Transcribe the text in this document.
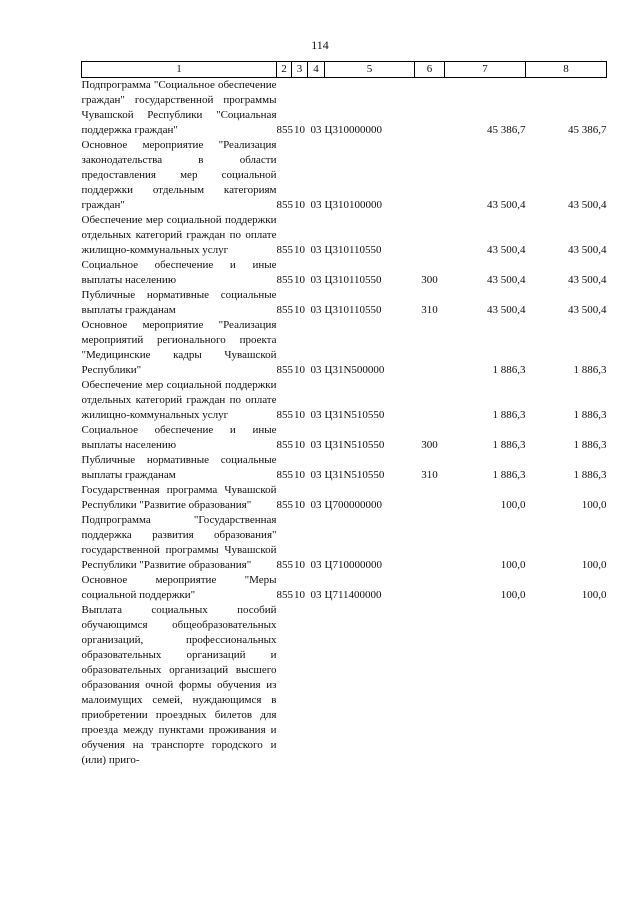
114
1	2	3	4	5	6	7	8
Подпрограмма "Социальное обеспечение граждан" государственной программы Чувашской Республики "Социальная поддержка граждан"	855	10	03	Ц310000000		45 386,7	45 386,7
Основное мероприятие "Реализация законодательства в области предоставления мер социальной поддержки отдельным категориям граждан"	855	10	03	Ц310100000		43 500,4	43 500,4
Обеспечение мер социальной поддержки отдельных категорий граждан по оплате жилищно-коммунальных услуг	855	10	03	Ц310110550		43 500,4	43 500,4
Социальное обеспечение и иные выплаты населению	855	10	03	Ц310110550	300	43 500,4	43 500,4
Публичные нормативные социальные выплаты гражданам	855	10	03	Ц310110550	310	43 500,4	43 500,4
Основное мероприятие "Реализация мероприятий регионального проекта "Медицинские кадры Чувашской Республики"	855	10	03	Ц31N500000		1 886,3	1 886,3
Обеспечение мер социальной поддержки отдельных категорий граждан по оплате жилищно-коммунальных услуг	855	10	03	Ц31N510550		1 886,3	1 886,3
Социальное обеспечение и иные выплаты населению	855	10	03	Ц31N510550	300	1 886,3	1 886,3
Публичные нормативные социальные выплаты гражданам	855	10	03	Ц31N510550	310	1 886,3	1 886,3
Государственная программа Чувашской Республики "Развитие образования"	855	10	03	Ц700000000		100,0	100,0
Подпрограмма "Государственная поддержка развития образования" государственной программы Чувашской Республики "Развитие образования"	855	10	03	Ц710000000		100,0	100,0
Основное мероприятие "Меры социальной поддержки"	855	10	03	Ц711400000		100,0	100,0
Выплата социальных пособий обучающимся общеобразовательных организаций, профессиональных образовательных организаций и образовательных организаций высшего образования очной формы обучения из малоимущих семей, нуждающимся в приобретении проездных билетов для проезда между пунктами проживания и обучения на транспорте городского и (или) приго-							
